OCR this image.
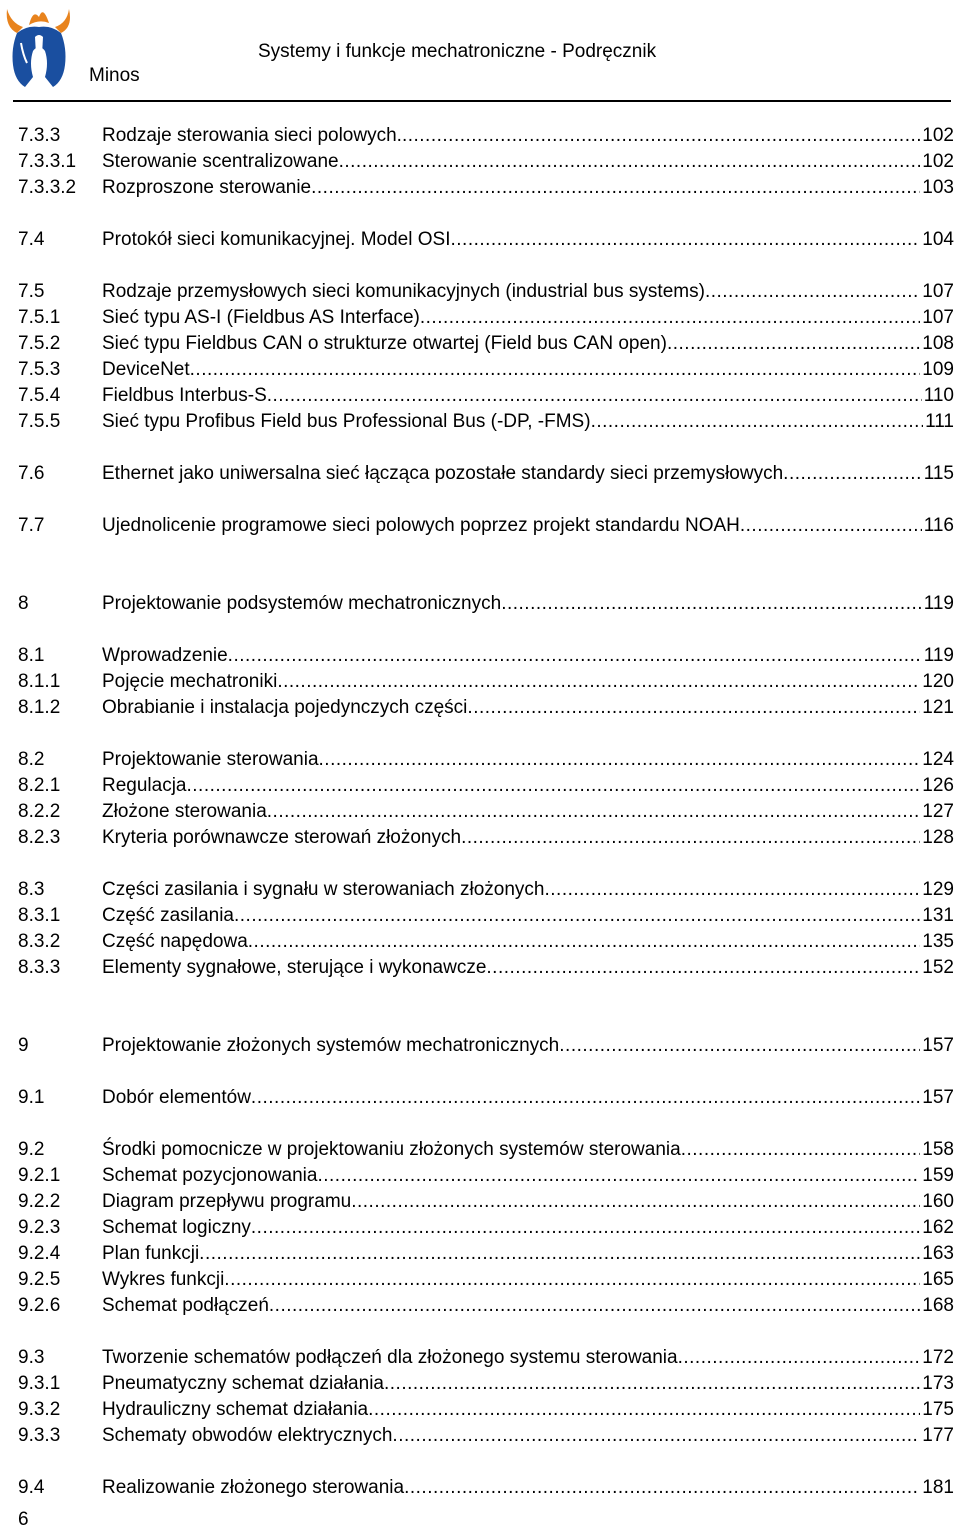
Minos
Systemy i funkcje mechatroniczne - Podręcznik
7.3.3 Rodzaje sterowania sieci polowych. .....	102
7.3.3.1 Sterowanie scentralizowane .....	102
7.3.3.2 Rozproszone sterowanie .....	103
7.4	Protokół sieci komunikacyjnej. Model OSI .....	104
7.5	Rodzaje przemysłowych sieci komunikacyjnych (industrial bus systems) .....	107
7.5.1 Sieć typu AS-I (Fieldbus AS Interface) .....	107
7.5.2 Sieć typu Fieldbus CAN o strukturze otwartej (Field bus CAN open) .....	108
7.5.3 DeviceNet .....	109
7.5.4 Fieldbus Interbus-S .....	110
7.5.5 Sieć typu Profibus Field bus Professional Bus (-DP, -FMS) .....	111
7.6	Ethernet jako uniwersalna sieć łącząca pozostałe standardy sieci przemysłowych .....	115
7.7	Ujednolicenie programowe sieci polowych poprzez projekt standardu NOAH .....	116
8	Projektowanie podsystemów mechatronicznych .....	119
8.1	Wprowadzenie .....	119
8.1.1 Pojęcie mechatroniki .....	120
8.1.2 Obrabianie i instalacja pojedynczych części .....	121
8.2	Projektowanie sterowania .....	124
8.2.1 Regulacja .....	126
8.2.2 Złożone sterowania .....	127
8.2.3 Kryteria porównawcze sterowań złożonych .....	128
8.3	Części zasilania i sygnału w sterowaniach złożonych .....	129
8.3.1 Część zasilania .....	131
8.3.2 Część napędowa .....	135
8.3.3 Elementy sygnałowe, sterujące i wykonawcze .....	152
9	Projektowanie złożonych systemów mechatronicznych .....	157
9.1	Dobór elementów .....	157
9.2	Środki pomocnicze w projektowaniu złożonych systemów sterowania .....	158
9.2.1 Schemat pozycjonowania .....	159
9.2.2 Diagram przepływu programu .....	160
9.2.3 Schemat logiczny .....	162
9.2.4 Plan funkcji .....	163
9.2.5 Wykres funkcji .....	165
9.2.6 Schemat podłączeń .....	168
9.3	Tworzenie schematów podłączeń dla złożonego systemu sterowania .....	172
9.3.1 Pneumatyczny schemat działania .....	173
9.3.2 Hydrauliczny schemat działania .....	175
9.3.3 Schematy obwodów elektrycznych .....	177
9.4	Realizowanie złożonego sterowania .....	181
6
